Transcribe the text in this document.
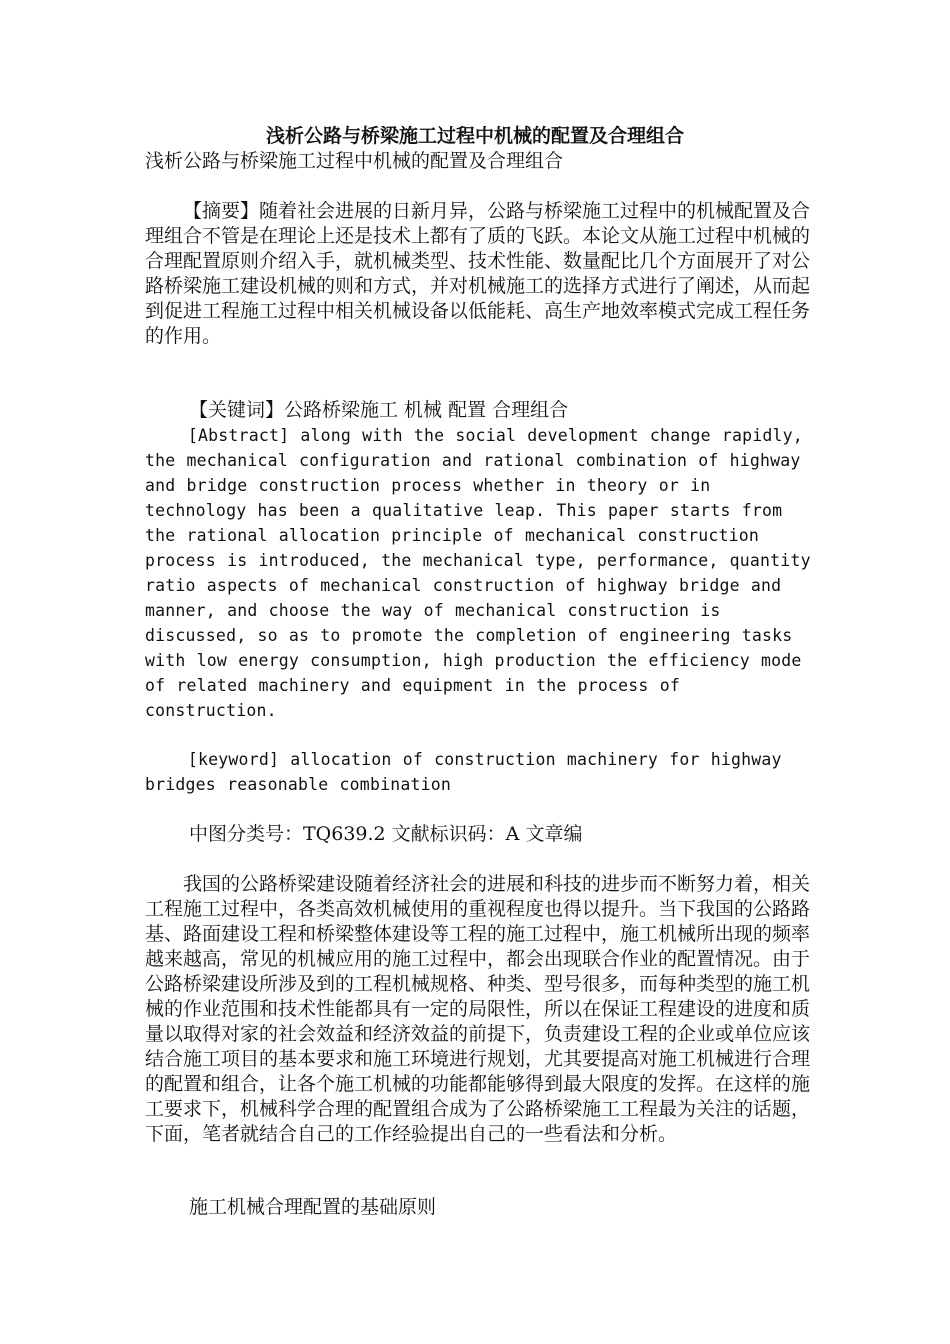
浅析公路与桥梁施工过程中机械的配置及合理组合
浅析公路与桥梁施工过程中机械的配置及合理组合

【摘要】随着社会进展的日新月异，公路与桥梁施工过程中的机械配置及合理组合不管是在理论上还是技术上都有了质的飞跃。本论文从施工过程中机械的合理配置原则介绍入手，就机械类型、技术性能、数量配比几个方面展开了对公路桥梁施工建设机械的则和方式，并对机械施工的选择方式进行了阐述，从而起到促进工程施工过程中相关机械设备以低能耗、高生产地效率模式完成工程任务的作用。

【关键词】公路桥梁施工 机械 配置 合理组合

[Abstract] along with the social development change rapidly, the mechanical configuration and rational combination of highway and bridge construction process whether in theory or in technology has been a qualitative leap. This paper starts from the rational allocation principle of mechanical construction process is introduced, the mechanical type, performance, quantity ratio aspects of mechanical construction of highway bridge and manner, and choose the way of mechanical construction is discussed, so as to promote the completion of engineering tasks with low energy consumption, high production the efficiency mode of related machinery and equipment in the process of construction.

[keyword] allocation of construction machinery for highway bridges reasonable combination

中图分类号：TQ639.2 文献标识码：A 文章编

我国的公路桥梁建设随着经济社会的进展和科技的进步而不断努力着，相关工程施工过程中，各类高效机械使用的重视程度也得以提升。当下我国的公路路基、路面建设工程和桥梁整体建设等工程的施工过程中，施工机械所出现的频率越来越高，常见的机械应用的施工过程中，都会出现联合作业的配置情况。由于公路桥梁建设所涉及到的工程机械规格、种类、型号很多，而每种类型的施工机械的作业范围和技术性能都具有一定的局限性，所以在保证工程建设的进度和质量以取得对家的社会效益和经济效益的前提下，负责建设工程的企业或单位应该结合施工项目的基本要求和施工环境进行规划，尤其要提高对施工机械进行合理的配置和组合，让各个施工机械的功能都能够得到最大限度的发挥。在这样的施工要求下，机械科学合理的配置组合成为了公路桥梁施工工程最为关注的话题，下面，笔者就结合自己的工作经验提出自己的一些看法和分析。

施工机械合理配置的基础原则
